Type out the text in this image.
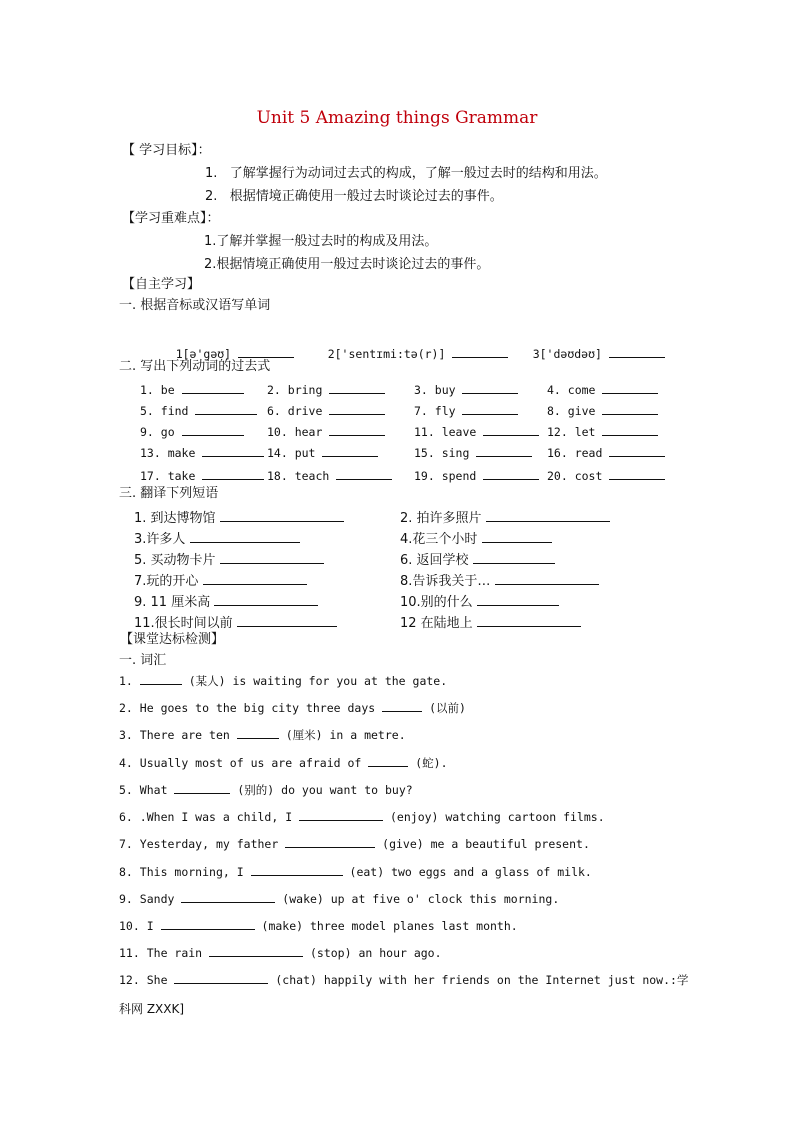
Unit 5 Amazing things Grammar
【 学习目标】：
1.   了解掌握行为动词过去式的构成，了解一般过去时的结构和用法。
2.   根据情境正确使用一般过去时谈论过去的事件。
【学习重难点】：
1.了解并掌握一般过去时的构成及用法。
2.根据情境正确使用一般过去时谈论过去的事件。
【自主学习】
一. 根据音标或汉语写单词

1[ə'gəʊ]
	2['sentɪmi:tə(r)]
	3['dəʊdəʊ]

二. 写出下列动词的过去式
1. be	2. bring	3. buy	4. come
5. find	6. drive	7. fly	8. give
9. go	10. hear	11. leave	12. let
13. make	14. put	15. sing	16. read
17. take	18. teach	19. spend	20. cost
三. 翻译下列短语
1. 到达博物馆	2. 拍许多照片
3.许多人	4.花三个小时
5. 买动物卡片	6. 返回学校
7.玩的开心	8.告诉我关于…
9. 11 厘米高	10.别的什么
11.很长时间以前	12 在陆地上
【课堂达标检测】
一. 词汇
1.	(某人) is waiting for you at the gate.
2. He goes to the big city three days	(以前)
3. There are ten	(厘米) in a metre.
4. Usually most of us are afraid of	(蛇).
5. What	(别的) do you want to buy?
6. .When I was a child, I	(enjoy) watching cartoon films.
7. Yesterday, my father	(give) me a beautiful present.
8. This morning, I	(eat) two eggs and a glass of milk.
9. Sandy	(wake) up at five o' clock this morning.
10. I	(make) three model planes last month.
11. The rain	(stop) an hour ago.
12. She	(chat) happily with her friends on the Internet just now.:学
科网 ZXXK]
